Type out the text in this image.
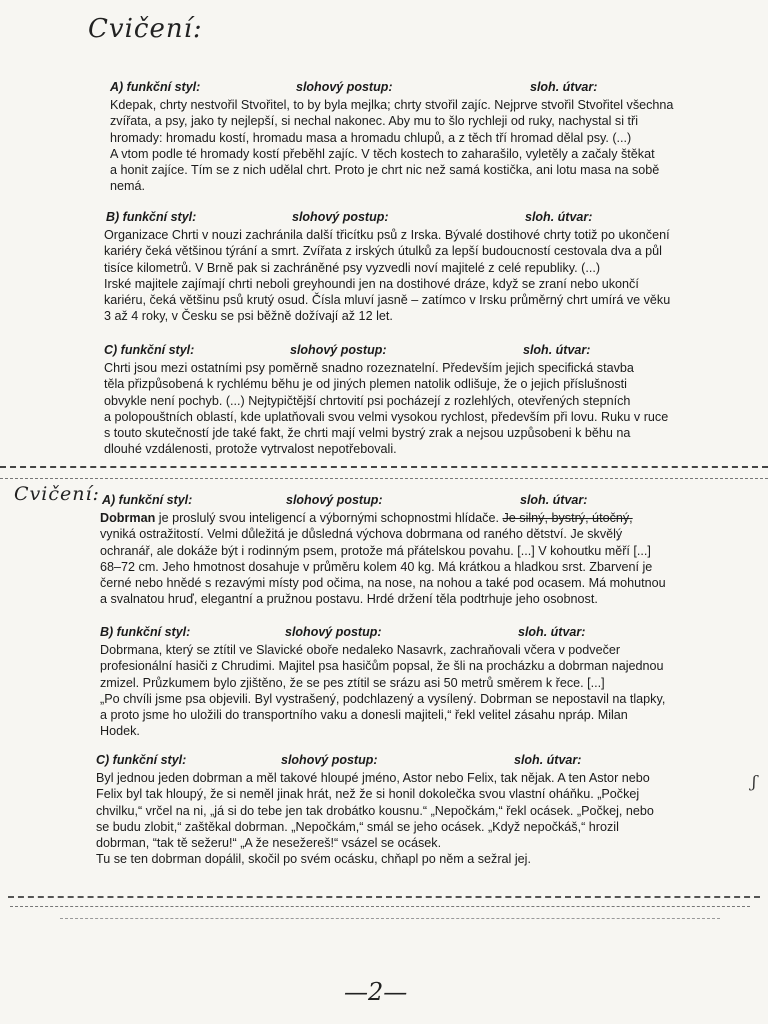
Cvičení:
A) funkční styl:	slohový postup:	sloh. útvar:

Kdepak, chrty nestvořil Stvořitel, to by byla mejlka; chrty stvořil zajíc. Nejprve stvořil Stvořitel všechna

zvířata, a psy, jako ty nejlepší, si nechal nakonec. Aby mu to šlo rychleji od ruky, nachystal si tři

hromady: hromadu kostí, hromadu masa a hromadu chlupů, a z těch tří hromad dělal psy. (...)

A vtom podle té hromady kostí přeběhl zajíc. V těch kostech to zaharašilo, vyletěly a začaly štěkat

a honit zajíce. Tím se z nich udělal chrt. Proto je chrt nic než samá kostička, ani lotu masa na sobě

nemá.

B) funkční styl:	slohový postup:	sloh. útvar:

Organizace Chrti v nouzi zachránila další třicítku psů z Irska. Bývalé dostihové chrty totiž po ukončení

kariéry čeká většinou týrání a smrt. Zvířata z irských útulků za lepší budoucností cestovala dva a půl

tisíce kilometrů. V Brně pak si zachráněné psy vyzvedli noví majitelé z celé republiky. (...)

Irské majitele zajímají chrti neboli greyhoundi jen na dostihové dráze, když se zraní nebo ukončí

kariéru, čeká většinu psů krutý osud. Čísla mluví jasně – zatímco v Irsku průměrný chrt umírá ve věku

3 až 4 roky, v Česku se psi běžně dožívají až 12 let.

C) funkční styl:	slohový postup:	sloh. útvar:

Chrti jsou mezi ostatními psy poměrně snadno rozeznatelní. Především jejich specifická stavba

těla přizpůsobená k rychlému běhu je od jiných plemen natolik odlišuje, že o jejich příslušnosti

obvykle není pochyb. (...) Nejtypičtější chrtovití psi pocházejí z rozlehlých, otevřených stepních

a polopouštních oblastí, kde uplatňovali svou velmi vysokou rychlost, především při lovu. Ruku v ruce

s touto skutečností jde také fakt, že chrti mají velmi bystrý zrak a nejsou uzpůsobeni k běhu na

dlouhé vzdálenosti, protože vytrvalost nepotřebovali.

Cvičení: A) funkční styl:	slohový postup:	sloh. útvar:

Dobrman je proslulý svou inteligencí a výbornými schopnostmi hlídače. Je silný, bystrý, útočný,

vyniká ostražitostí. Velmi důležitá je důsledná výchova dobrmana od raného dětství. Je skvělý

ochranář, ale dokáže být i rodinným psem, protože má přátelskou povahu. [...] V kohoutku měří [...]

68–72 cm. Jeho hmotnost dosahuje v průměru kolem 40 kg. Má krátkou a hladkou srst. Zbarvení je

černé nebo hnědé s rezavými místy pod očima, na nose, na nohou a také pod ocasem. Má mohutnou

a svalnatou hruď, elegantní a pružnou postavu. Hrdé držení těla podtrhuje jeho osobnost.

B) funkční styl:	slohový postup:	sloh. útvar:

Dobrmana, který se ztítil ve Slavické oboře nedaleko Nasavrk, zachraňovali včera v podvečer

profesionální hasiči z Chrudimi. Majitel psa hasičům popsal, že šli na procházku a dobrman najednou

zmizel. Průzkumem bylo zjištěno, že se pes ztítil se srázu asi 50 metrů směrem k řece. [...]

„Po chvíli jsme psa objevili. Byl vystrašený, podchlazený a vysílený. Dobrman se nepostavil na tlapky,

a proto jsme ho uložili do transportního vaku a donesli majiteli,“ řekl velitel zásahu npráp. Milan

Hodek.

C) funkční styl:	slohový postup:	sloh. útvar:

Byl jednou jeden dobrman a měl takové hloupé jméno, Astor nebo Felix, tak nějak. A ten Astor nebo

Felix byl tak hloupý, že si neměl jinak hrát, než že si honil dokolečka svou vlastní oháňku. „Počkej

chvilku,“ vrčel na ni, „já si do tebe jen tak drobátko kousnu.“ „Nepočkám,“ řekl ocásek. „Počkej, nebo

se budu zlobit,“ zaštěkal dobrman. „Nepočkám,“ smál se jeho ocásek. „Když nepočkáš,“ hrozil

dobrman, “tak tě sežeru!“ „A že nesežereš!“ vsázel se ocásek.

Tu se ten dobrman dopálil, skočil po svém ocásku, chňapl po něm a sežral jej.

ʃ
—2—
